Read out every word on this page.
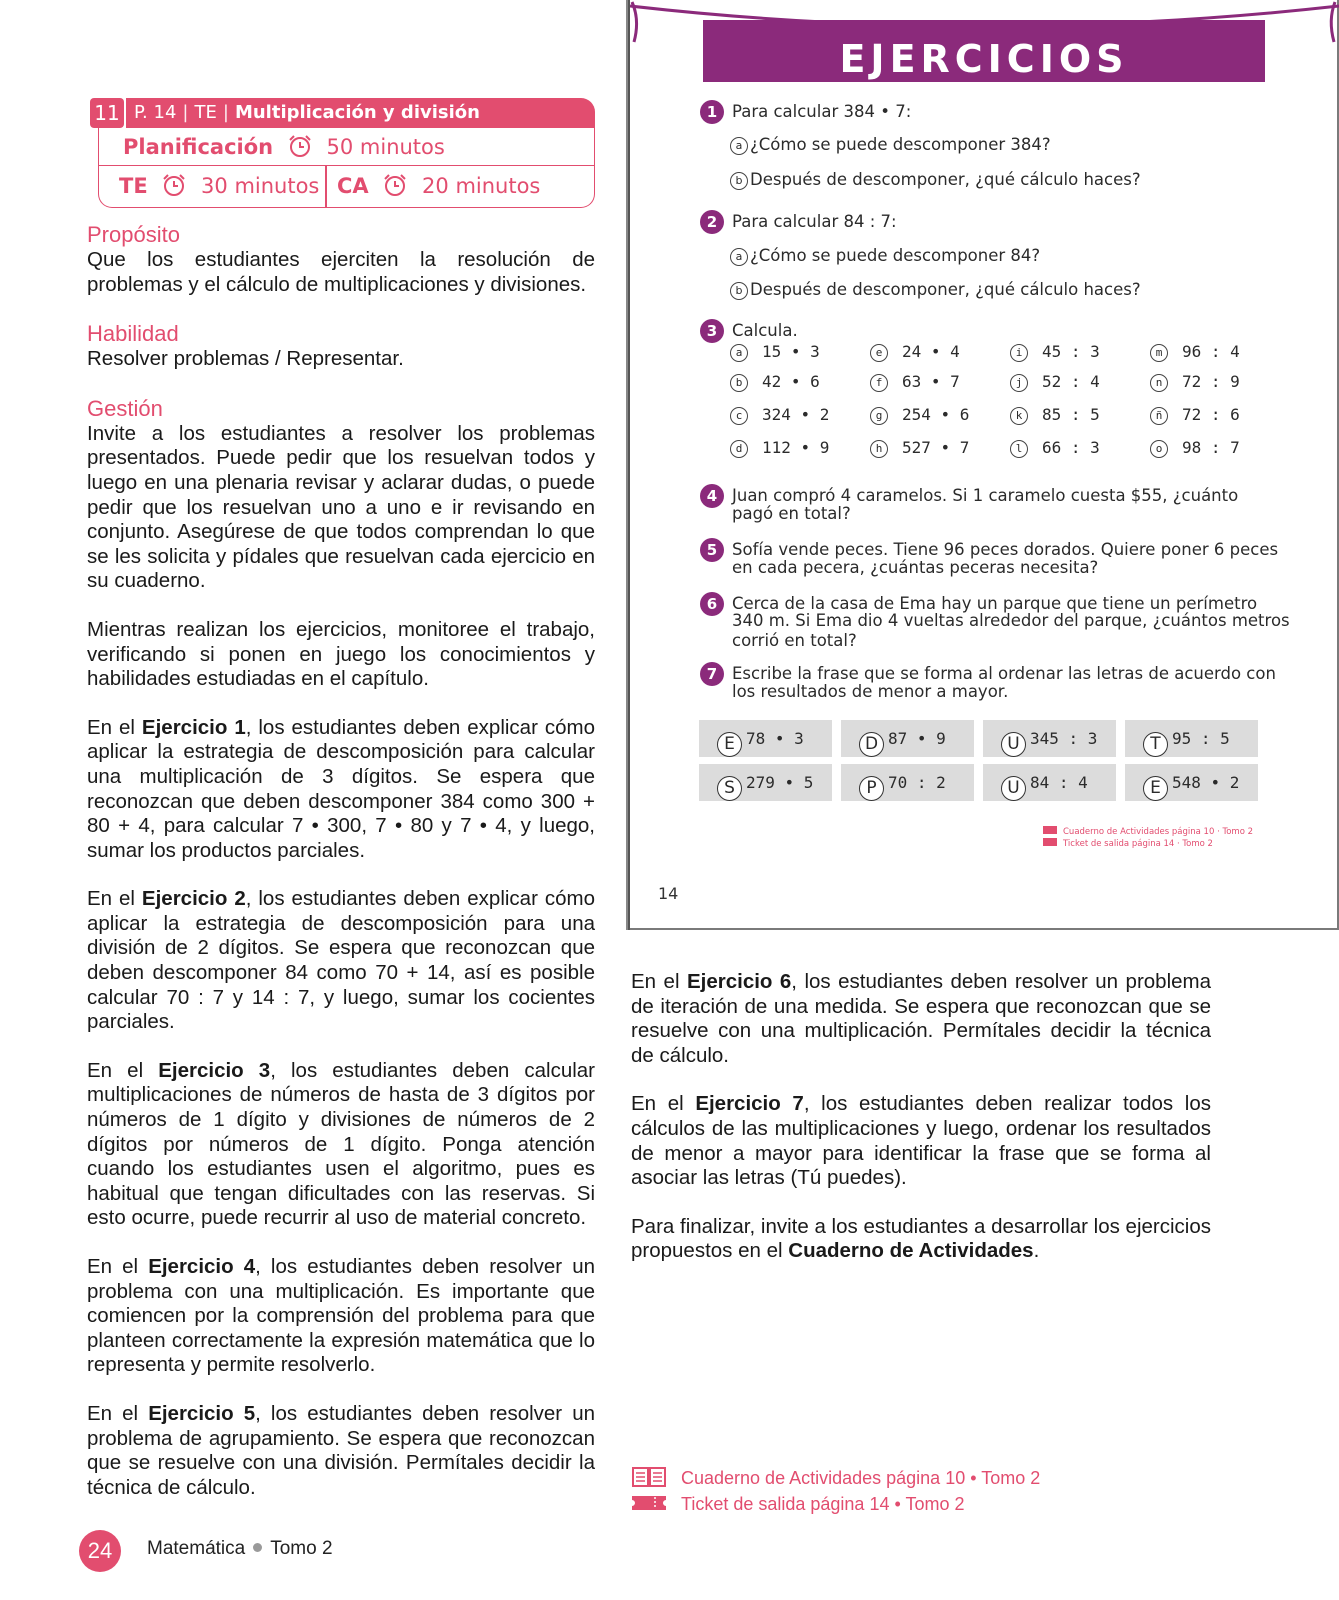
11 P. 14 | TE | Multiplicación y división
Planificación	50 minutos
TE	30 minutos CA	20 minutos
Propósito

Que los estudiantes ejerciten la resolución de problemas y el cálculo de multiplicaciones y divisiones.

Habilidad

Resolver problemas / Representar.

Gestión

Invite a los estudiantes a resolver los problemas presentados. Puede pedir que los resuelvan todos y luego en una plenaria revisar y aclarar dudas, o puede pedir que los resuelvan uno a uno e ir revisando en conjunto. Asegúrese de que todos comprendan lo que se les solicita y pídales que resuelvan cada ejercicio en su cuaderno.

Mientras realizan los ejercicios, monitoree el trabajo, verificando si ponen en juego los conocimientos y habilidades estudiadas en el capítulo.

En el Ejercicio 1, los estudiantes deben explicar cómo aplicar la estrategia de descomposición para calcular una multiplicación de 3 dígitos. Se espera que reconozcan que deben descomponer 384 como 300 + 80 + 4, para calcular 7 • 300, 7 • 80 y 7 • 4, y luego, sumar los productos parciales.

En el Ejercicio 2, los estudiantes deben explicar cómo aplicar la estrategia de descomposición para una división de 2 dígitos. Se espera que reconozcan que deben descomponer 84 como 70 + 14, así es posible calcular 70 : 7 y 14 : 7, y luego, sumar los cocientes parciales.

En el Ejercicio 3, los estudiantes deben calcular multiplicaciones de números de hasta de 3 dígitos por números de 1 dígito y divisiones de números de 2 dígitos por números de 1 dígito. Ponga atención cuando los estudiantes usen el algoritmo, pues es habitual que tengan dificultades con las reservas. Si esto ocurre, puede recurrir al uso de material concreto.

En el Ejercicio 4, los estudiantes deben resolver un problema con una multiplicación. Es importante que comiencen por la comprensión del problema para que planteen correctamente la expresión matemática que lo representa y permite resolverlo.

En el Ejercicio 5, los estudiantes deben resolver un problema de agrupamiento. Se espera que reconozcan que se resuelve con una división. Permítales decidir la técnica de cálculo.

EJERCICIOS
1 Para calcular 384 • 7:
a ¿Cómo se puede descomponer 384?
b Después de descomponer, ¿qué cálculo haces?
2 Para calcular 84 : 7:
a ¿Cómo se puede descomponer 84?
b Después de descomponer, ¿qué cálculo haces?
3 Calcula.
a 15 • 3	e 24 • 4	i 45 : 3	m 96 : 4
b 42 • 6	f 63 • 7	j 52 : 4	n 72 : 9
c 324 • 2	g 254 • 6	k 85 : 5	ñ 72 : 6
d 112 • 9	h 527 • 7	l 66 : 3	o 98 : 7
4 Juan compró 4 caramelos. Si 1 caramelo cuesta $55, ¿cuánto
pagó en total?
5 Sofía vende peces. Tiene 96 peces dorados. Quiere poner 6 peces
en cada pecera, ¿cuántas peceras necesita?
6 Cerca de la casa de Ema hay un parque que tiene un perímetro
340 m. Si Ema dio 4 vueltas alrededor del parque, ¿cuántos metros
corrió en total?
7 Escribe la frase que se forma al ordenar las letras de acuerdo con
los resultados de menor a mayor.
E 78 • 3	D 87 • 9	U 345 : 3	T 95 : 5
S 279 • 5	P 70 : 2	U 84 : 4	E 548 • 2
Cuaderno de Actividades página 10 · Tomo 2
Ticket de salida página 14 · Tomo 2
14

En el Ejercicio 6, los estudiantes deben resolver un problema de iteración de una medida. Se espera que reconozcan que se resuelve con una multiplicación. Permítales decidir la técnica de cálculo.

En el Ejercicio 7, los estudiantes deben realizar todos los cálculos de las multiplicaciones y luego, ordenar los resultados de menor a mayor para identificar la frase que se forma al asociar las letras (Tú puedes).

Para finalizar, invite a los estudiantes a desarrollar los ejercicios propuestos en el Cuaderno de Actividades.

Cuaderno de Actividades página 10 • Tomo 2
Ticket de salida página 14 • Tomo 2
24	Matemática Tomo 2
